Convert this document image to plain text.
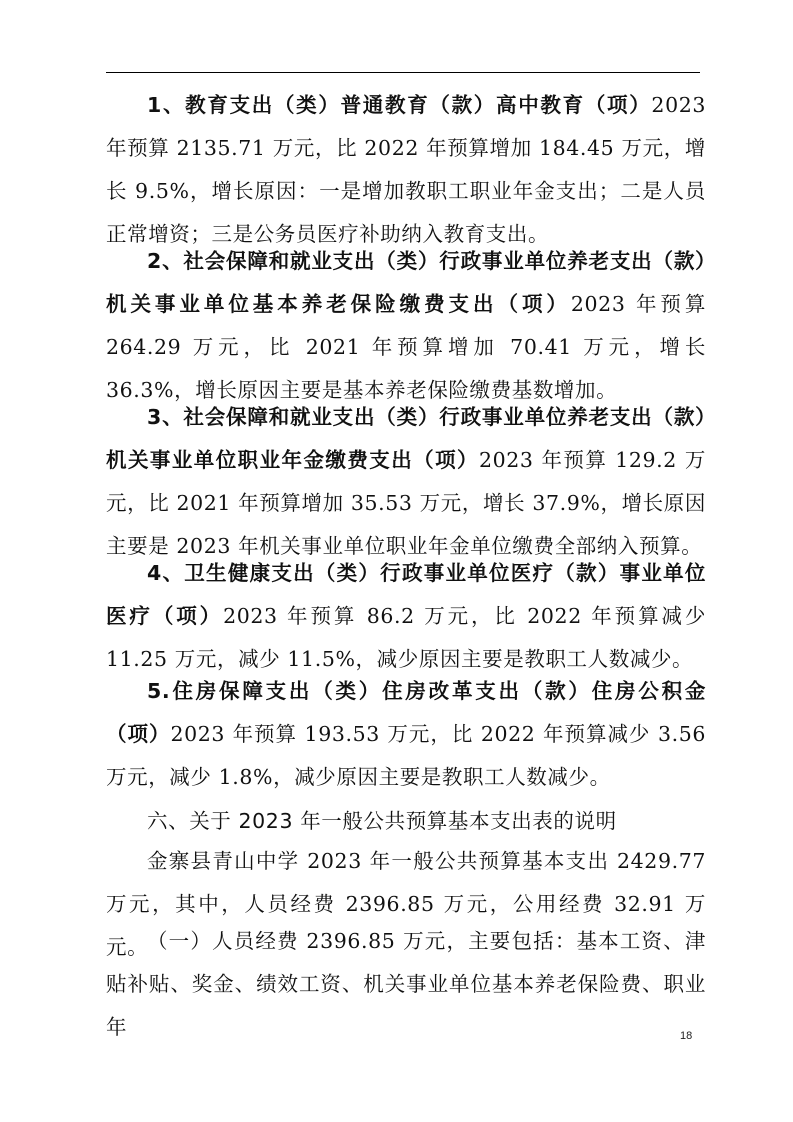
1、教育支出（类）普通教育（款）高中教育（项）2023 年预算 2135.71 万元，比 2022 年预算增加 184.45 万元，增长 9.5%，增长原因：一是增加教职工职业年金支出；二是人员正常增资；三是公务员医疗补助纳入教育支出。

2、社会保障和就业支出（类）行政事业单位养老支出（款）机关事业单位基本养老保险缴费支出（项）2023 年预算 264.29 万元，比 2021 年预算增加 70.41 万元，增长 36.3%，增长原因主要是基本养老保险缴费基数增加。

3、社会保障和就业支出（类）行政事业单位养老支出（款）机关事业单位职业年金缴费支出（项）2023 年预算 129.2 万元，比 2021 年预算增加 35.53 万元，增长 37.9%，增长原因主要是 2023 年机关事业单位职业年金单位缴费全部纳入预算。

4、卫生健康支出（类）行政事业单位医疗（款）事业单位医疗（项）2023 年预算 86.2 万元，比 2022 年预算减少 11.25 万元，减少 11.5%，减少原因主要是教职工人数减少。

5.住房保障支出（类）住房改革支出（款）住房公积金（项）2023 年预算 193.53 万元，比 2022 年预算减少 3.56 万元，减少 1.8%，减少原因主要是教职工人数减少。

六、关于 2023 年一般公共预算基本支出表的说明

金寨县青山中学 2023 年一般公共预算基本支出 2429.77 万元，其中，人员经费 2396.85 万元，公用经费 32.91 万元。

（一）人员经费 2396.85 万元，主要包括：基本工资、津贴补贴、奖金、绩效工资、机关事业单位基本养老保险费、职业年	18
